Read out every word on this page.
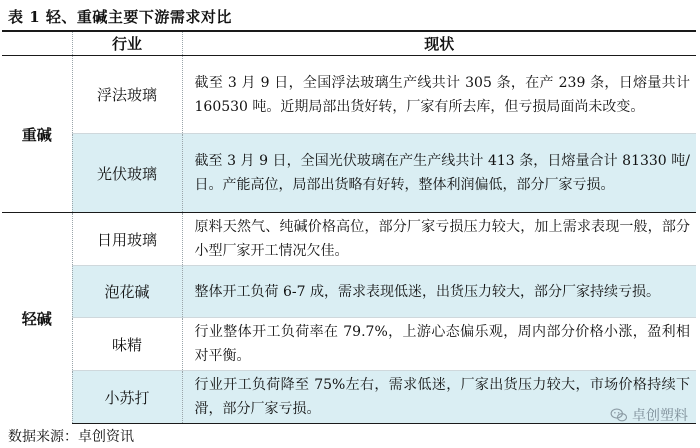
表 1 轻、重碱主要下游需求对比
	行业	现状
重碱	浮法玻璃	截至 3 月 9 日，全国浮法玻璃生产线共计 305 条，在产 239 条，日熔量共计 160530 吨。近期局部出货好转，厂家有所去库，但亏损局面尚未改变。
	光伏玻璃	截至 3 月 9 日，全国光伏玻璃在产生产线共计 413 条，日熔量合计 81330 吨/日。产能高位，局部出货略有好转，整体利润偏低，部分厂家亏损。
轻碱	日用玻璃	原料天然气、纯碱价格高位，部分厂家亏损压力较大，加上需求表现一般，部分小型厂家开工情况欠佳。
	泡花碱	整体开工负荷 6-7 成，需求表现低迷，出货压力较大，部分厂家持续亏损。
	味精	行业整体开工负荷率在 79.7%，上游心态偏乐观，周内部分价格小涨，盈利相对平衡。
	小苏打	行业开工负荷降至 75%左右，需求低迷，厂家出货压力较大，市场价格持续下滑，部分厂家亏损。
数据来源：卓创资讯
卓创塑料
